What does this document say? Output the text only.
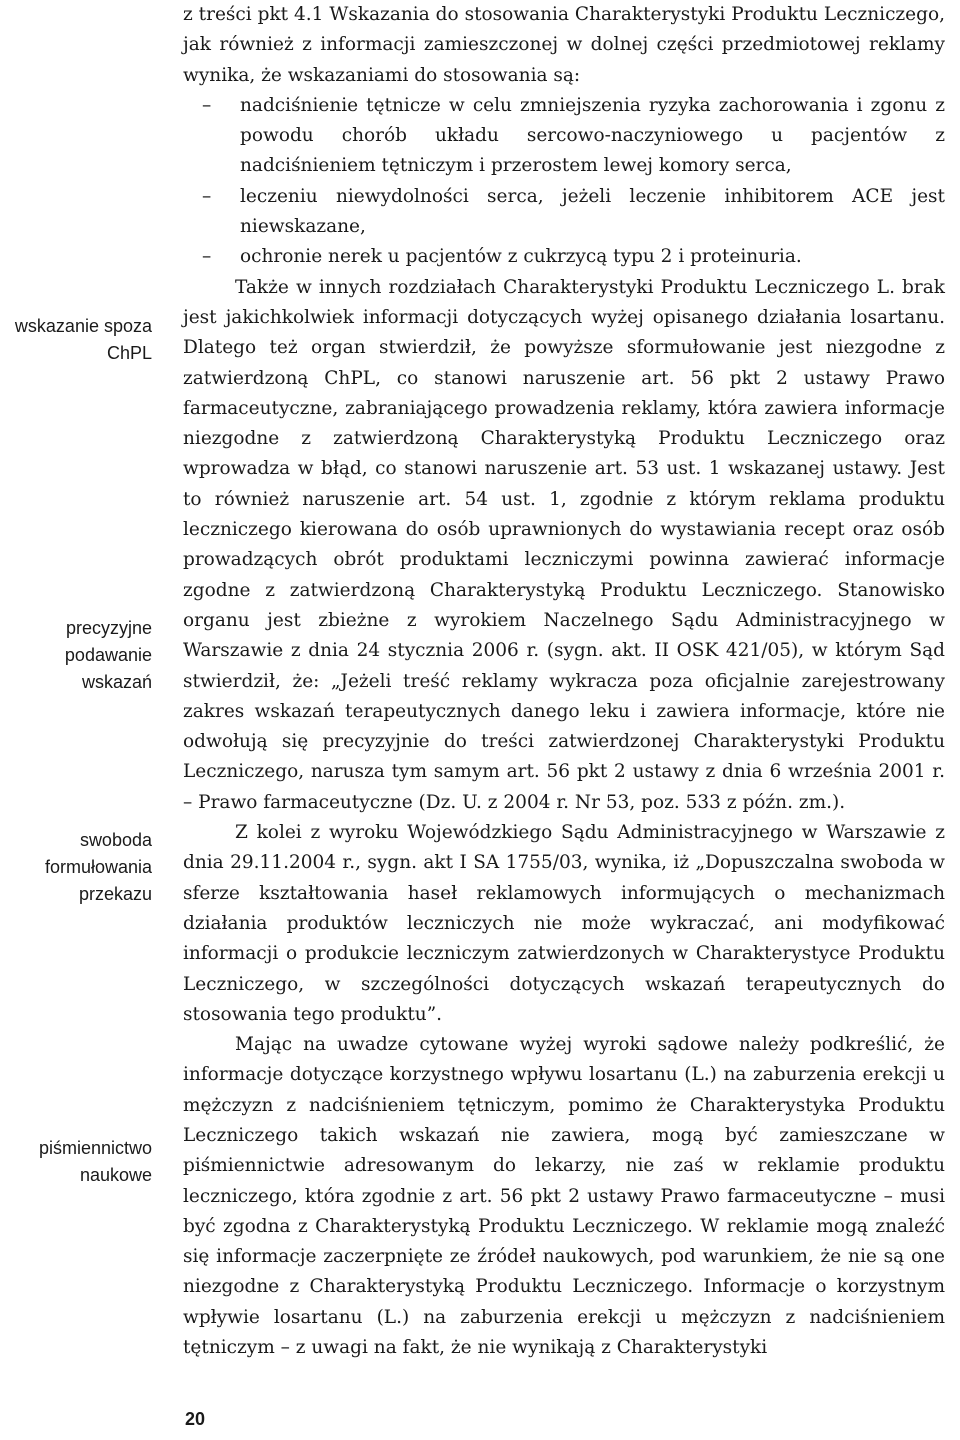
wskazanie spoza
ChPL
precyzyjne
podawanie
wskazań
swoboda
formułowania
przekazu
piśmiennictwo
naukowe

z treści pkt 4.1 Wskazania do stosowania Charakterystyki Produktu Leczniczego, jak również z informacji zamieszczonej w dolnej części przedmiotowej reklamy wynika, że wskazaniami do stosowania są:

– nadciśnienie tętnicze w celu zmniejszenia ryzyka zachorowania i zgonu z powodu chorób układu sercowo-naczyniowego u pacjentów z nadciśnieniem tętniczym i przerostem lewej komory serca,
– leczeniu niewydolności serca, jeżeli leczenie inhibitorem ACE jest niewskazane,
– ochronie nerek u pacjentów z cukrzycą typu 2 i proteinuria.

Także w innych rozdziałach Charakterystyki Produktu Leczniczego L. brak jest jakichkolwiek informacji dotyczących wyżej opisanego działania losartanu. Dlatego też organ stwierdził, że powyższe sformułowanie jest niezgodne z zatwierdzoną ChPL, co stanowi naruszenie art. 56 pkt 2 ustawy Prawo farmaceutyczne, zabraniającego prowadzenia reklamy, która zawiera informacje niezgodne z zatwierdzoną Charakterystyką Produktu Leczniczego oraz wprowadza w błąd, co stanowi naruszenie art. 53 ust. 1 wskazanej ustawy. Jest to również naruszenie art. 54 ust. 1, zgodnie z którym reklama produktu leczniczego kierowana do osób uprawnionych do wystawiania recept oraz osób prowadzących obrót produktami leczniczymi powinna zawierać informacje zgodne z zatwierdzoną Charakterystyką Produktu Leczniczego. Stanowisko organu jest zbieżne z wyrokiem Naczelnego Sądu Administracyjnego w Warszawie z dnia 24 stycznia 2006 r. (sygn. akt. II OSK 421/05), w którym Sąd stwierdził, że: „Jeżeli treść reklamy wykracza poza oficjalnie zarejestrowany zakres wskazań terapeutycznych danego leku i zawiera informacje, które nie odwołują się precyzyjnie do treści zatwierdzonej Charakterystyki Produktu Leczniczego, narusza tym samym art. 56 pkt 2 ustawy z dnia 6 września 2001 r. – Prawo farmaceutyczne (Dz. U. z 2004 r. Nr 53, poz. 533 z późn. zm.).

Z kolei z wyroku Wojewódzkiego Sądu Administracyjnego w Warszawie z dnia 29.11.2004 r., sygn. akt I SA 1755/03, wynika, iż „Dopuszczalna swoboda w sferze kształtowania haseł reklamowych informujących o mechanizmach działania produktów leczniczych nie może wykraczać, ani modyfikować informacji o produkcie leczniczym zatwierdzonych w Charakterystyce Produktu Leczniczego, w szczególności dotyczących wskazań terapeutycznych do stosowania tego produktu”.

Mając na uwadze cytowane wyżej wyroki sądowe należy podkreślić, że informacje dotyczące korzystnego wpływu losartanu (L.) na zaburzenia erekcji u mężczyzn z nadciśnieniem tętniczym, pomimo że Charakterystyka Produktu Leczniczego takich wskazań nie zawiera, mogą być zamieszczane w piśmiennictwie adresowanym do lekarzy, nie zaś w reklamie produktu leczniczego, która zgodnie z art. 56 pkt 2 ustawy Prawo farmaceutyczne – musi być zgodna z Charakterystyką Produktu Leczniczego. W reklamie mogą znaleźć się informacje zaczerpnięte ze źródeł naukowych, pod warunkiem, że nie są one niezgodne z Charakterystyką Produktu Leczniczego. Informacje o korzystnym wpływie losartanu (L.) na zaburzenia erekcji u mężczyzn z nadciśnieniem tętniczym – z uwagi na fakt, że nie wynikają z Charakterystyki

20
